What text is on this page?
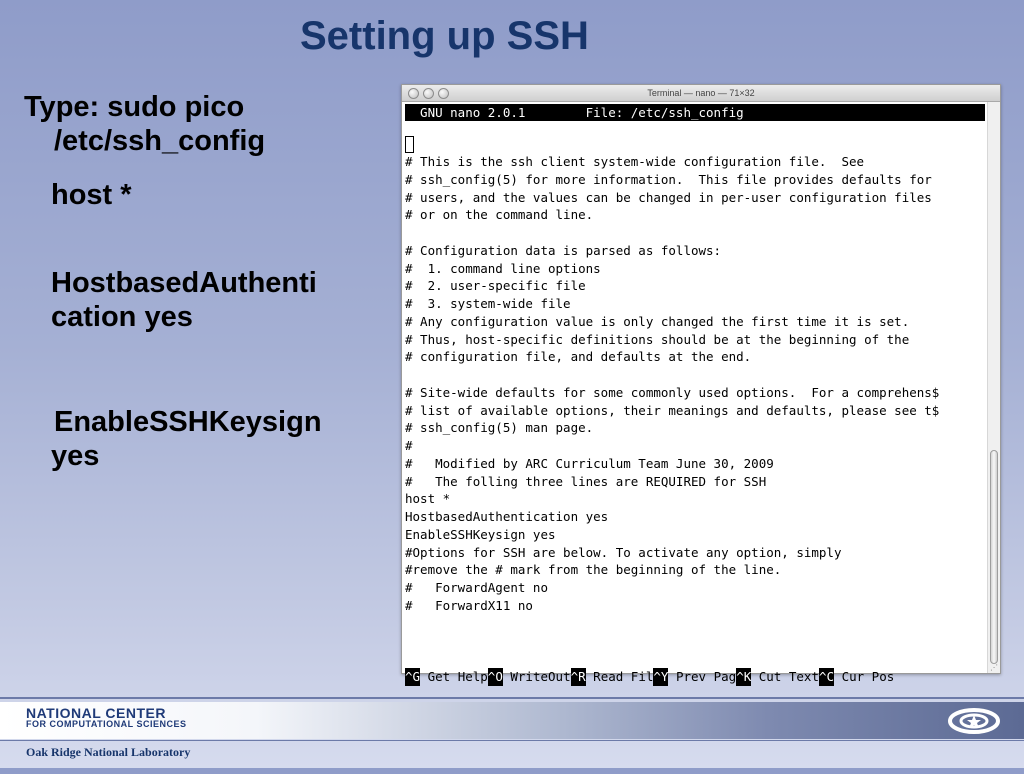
Setting up SSH
Type: sudo pico
/etc/ssh_config
host *
HostbasedAuthenti
cation yes
EnableSSHKeysign
yes
Terminal — nano — 71×32
GNU nano 2.0.1        File: /etc/ssh_config
# This is the ssh client system-wide configuration file.  See
# ssh_config(5) for more information.  This file provides defaults for
# users, and the values can be changed in per-user configuration files
# or on the command line.

# Configuration data is parsed as follows:
#  1. command line options
#  2. user-specific file
#  3. system-wide file
# Any configuration value is only changed the first time it is set.
# Thus, host-specific definitions should be at the beginning of the
# configuration file, and defaults at the end.

# Site-wide defaults for some commonly used options.  For a comprehens$
# list of available options, their meanings and defaults, please see t$
# ssh_config(5) man page.
#
#   Modified by ARC Curriculum Team June 30, 2009
#   The folling three lines are REQUIRED for SSH
host *
HostbasedAuthentication yes
EnableSSHKeysign yes
#Options for SSH are below. To activate any option, simply
#remove the # mark from the beginning of the line.
#   ForwardAgent no
#   ForwardX11 no

^G Get Help ^O WriteOut ^R Read Fil ^Y Prev Pag ^K Cut Text ^C Cur Pos

⋰
NATIONAL CENTER
FOR COMPUTATIONAL SCIENCES
Oak Ridge National Laboratory
